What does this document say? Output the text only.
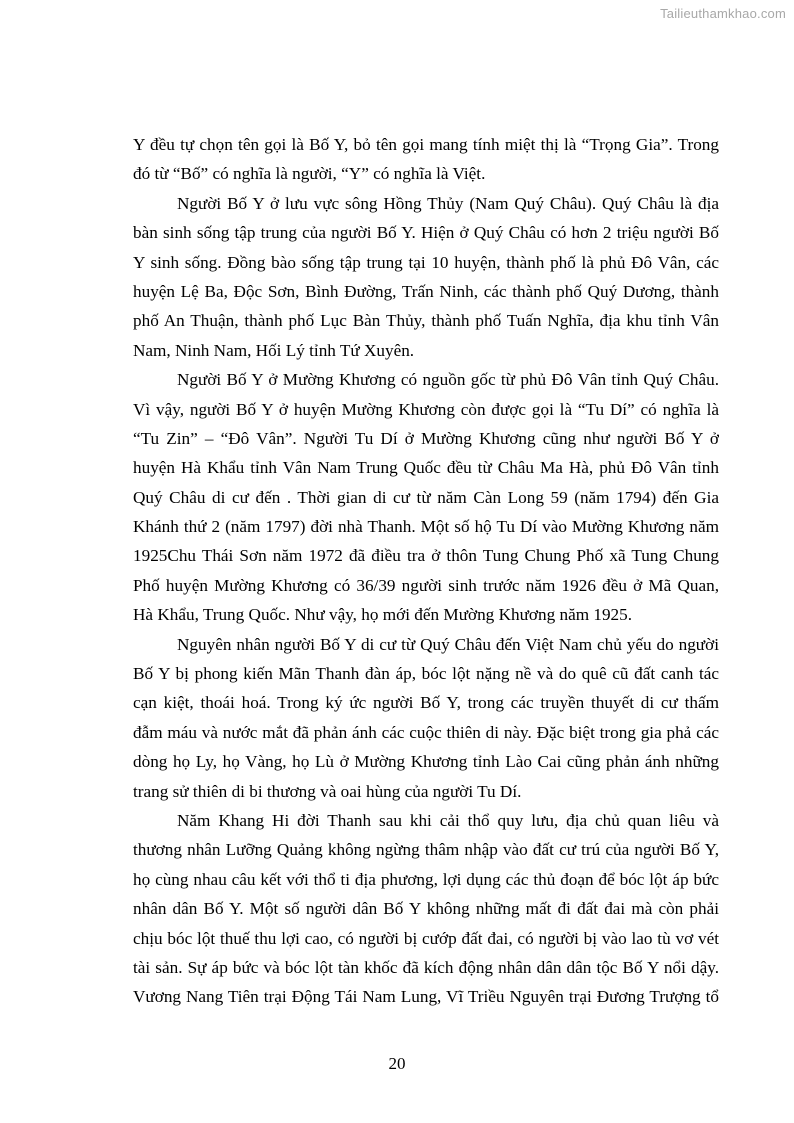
Tailieuthamkhao.com
Y đều tự chọn tên gọi là Bố Y, bỏ tên gọi mang tính miệt thị là “Trọng Gia”. Trong
đó từ “Bố” có nghĩa là người, “Y” có nghĩa là Việt.
Người Bố Y ở lưu vực sông Hồng Thủy (Nam Quý Châu). Quý Châu là địa
bàn sinh sống tập trung của người Bố Y. Hiện ở Quý Châu có hơn 2 triệu người Bố
Y sinh sống. Đồng bào sống tập trung tại 10 huyện, thành phố là phủ Đô Vân, các
huyện Lệ Ba, Độc Sơn, Bình Đường, Trấn Ninh, các thành phố Quý Dương, thành
phố An Thuận, thành phố Lục Bàn Thủy, thành phố Tuấn Nghĩa, địa khu tỉnh Vân
Nam, Ninh Nam, Hối Lý tỉnh Tứ Xuyên.
Người Bố Y ở Mường Khương có nguồn gốc từ phủ Đô Vân tỉnh Quý Châu.
Vì vậy, người Bố Y ở huyện Mường Khương còn được gọi là “Tu Dí” có nghĩa là
“Tu Zin” – “Đô Vân”. Người Tu Dí ở Mường Khương cũng như người Bố Y ở
huyện Hà Khẩu tỉnh Vân Nam Trung Quốc đều từ Châu Ma Hà, phủ Đô Vân tỉnh
Quý Châu di cư đến . Thời gian di cư từ năm Càn Long 59 (năm 1794) đến Gia
Khánh thứ 2 (năm 1797) đời nhà Thanh. Một số hộ Tu Dí vào Mường Khương năm
1925Chu Thái Sơn năm 1972 đã điều tra ở thôn Tung Chung Phố xã Tung Chung
Phố huyện Mường Khương có 36/39 người sinh trước năm 1926 đều ở Mã Quan,
Hà Khẩu, Trung Quốc. Như vậy, họ mới đến Mường Khương năm 1925.
Nguyên nhân người Bố Y di cư từ Quý Châu đến Việt Nam chủ yếu do người
Bố Y bị phong kiến Mãn Thanh đàn áp, bóc lột nặng nề và do quê cũ đất canh tác
cạn kiệt, thoái hoá. Trong ký ức người Bố Y, trong các truyền thuyết di cư thấm
đẫm máu và nước mắt đã phản ánh các cuộc thiên di này. Đặc biệt trong gia phả các
dòng họ Ly, họ Vàng, họ Lù ở Mường Khương tỉnh Lào Cai cũng phản ánh những
trang sử thiên di bi thương và oai hùng của người Tu Dí.
Năm Khang Hi đời Thanh sau khi cải thổ quy lưu, địa chủ quan liêu và
thương nhân Lưỡng Quảng không ngừng thâm nhập vào đất cư trú của người Bố Y,
họ cùng nhau câu kết với thổ ti địa phương, lợi dụng các thủ đoạn để bóc lột áp bức
nhân dân Bố Y. Một số người dân Bố Y không những mất đi đất đai mà còn phải
chịu bóc lột thuế thu lợi cao, có người bị cướp đất đai, có người bị vào lao tù vơ vét
tài sản. Sự áp bức và bóc lột tàn khốc đã kích động nhân dân dân tộc Bố Y nổi dậy.
Vương Nang Tiên trại Động Tái Nam Lung, Vĩ Triều Nguyên trại Đương Trượng tổ
20
